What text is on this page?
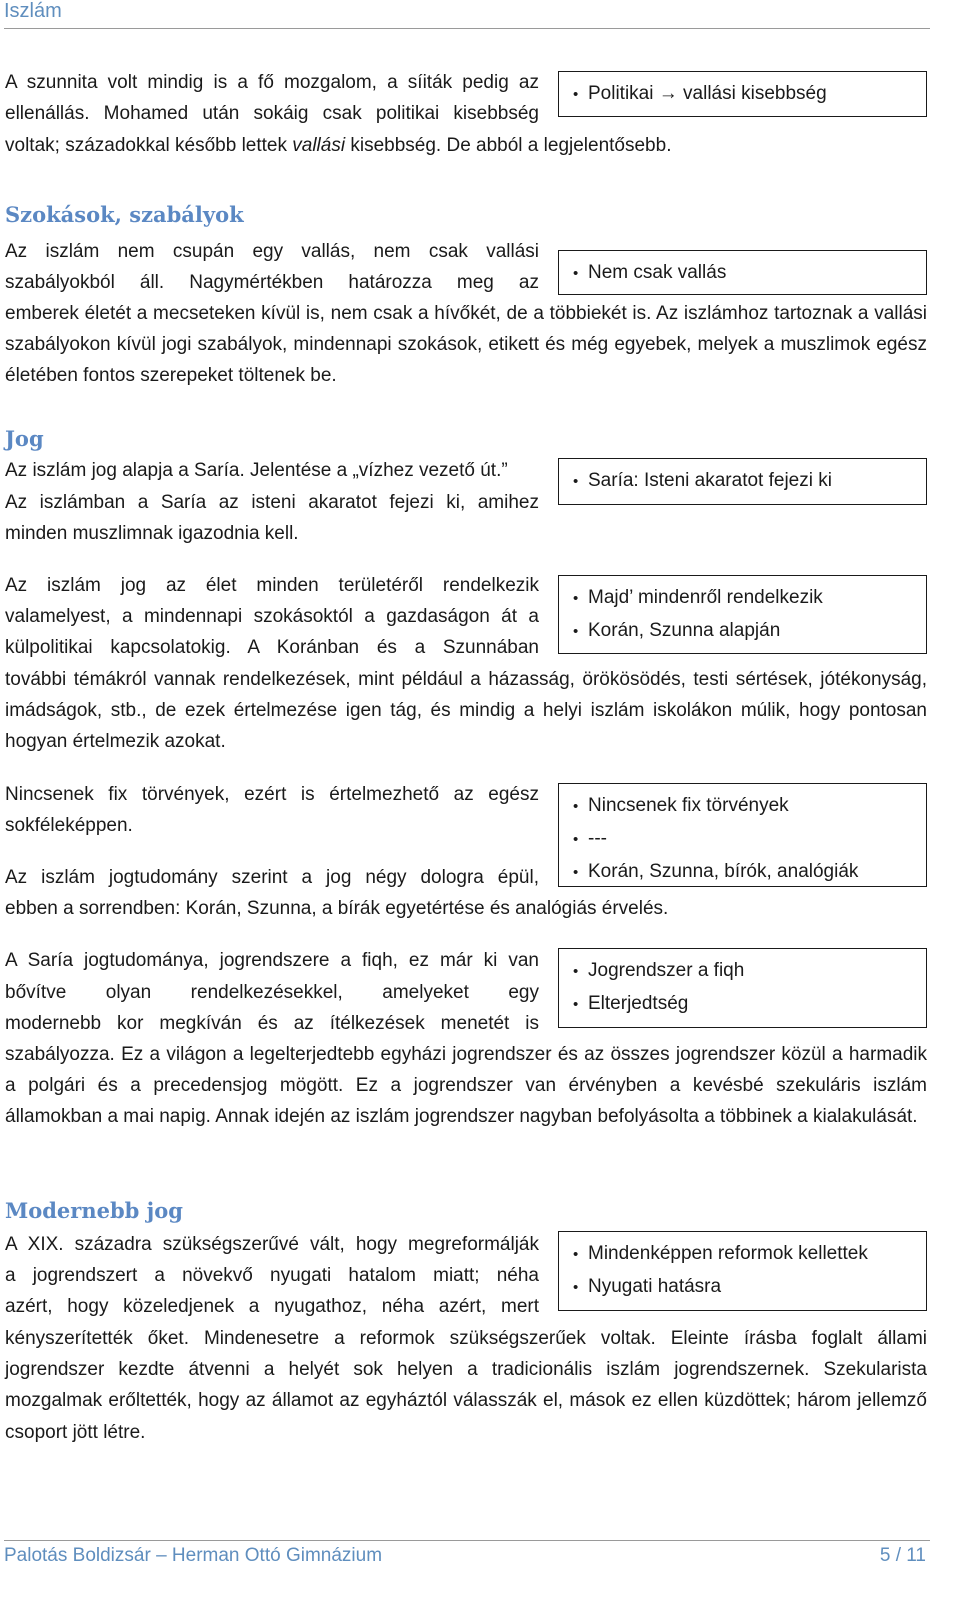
Iszlám
A szunnita volt mindig is a fő mozgalom, a síiták pedig az
ellenállás. Mohamed után sokáig csak politikai kisebbség
voltak; századokkal később lettek vallási kisebbség. De abból a legjelentősebb.
• Politikai → vallási kisebbség
Szokások, szabályok
Az iszlám nem csupán egy vallás, nem csak vallási
szabályokból áll. Nagymértékben határozza meg az
emberek életét a mecseteken kívül is, nem csak a hívőkét, de a többiekét is. Az iszlámhoz tartoznak a vallási szabályokon kívül jogi szabályok, mindennapi szokások, etikett és még egyebek, melyek a muszlimok egész életében fontos szerepeket töltenek be.
• Nem csak vallás
Jog
Az iszlám jog alapja a Saría. Jelentése a „vízhez vezető út.”
Az iszlámban a Saría az isteni akaratot fejezi ki, amihez
minden muszlimnak igazodnia kell.
• Saría: Isteni akaratot fejezi ki
Az iszlám jog az élet minden területéről rendelkezik
valamelyest, a mindennapi szokásoktól a gazdaságon át a
külpolitikai kapcsolatokig. A Koránban és a Szunnában
további témákról vannak rendelkezések, mint például a házasság, örökösödés, testi sértések, jótékonyság, imádságok, stb., de ezek értelmezése igen tág, és mindig a helyi iszlám iskolákon múlik, hogy pontosan hogyan értelmezik azokat.
• Majd’ mindenről rendelkezik
• Korán, Szunna alapján
Nincsenek fix törvények, ezért is értelmezhető az egész
sokféleképpen.
Az iszlám jogtudomány szerint a jog négy dologra épül,
ebben a sorrendben: Korán, Szunna, a bírák egyetértése és analógiás érvelés.
• Nincsenek fix törvények
• ---
• Korán, Szunna, bírók, analógiák
A Saría jogtudománya, jogrendszere a fiqh, ez már ki van
bővítve olyan rendelkezésekkel, amelyeket egy
modernebb kor megkíván és az ítélkezések menetét is
szabályozza. Ez a világon a legelterjedtebb egyházi jogrendszer és az összes jogrendszer közül a harmadik a polgári és a precedensjog mögött. Ez a jogrendszer van érvényben a kevésbé szekuláris iszlám államokban a mai napig. Annak idején az iszlám jogrendszer nagyban befolyásolta a többinek a kialakulását.
• Jogrendszer a fiqh
• Elterjedtség
Modernebb jog
A XIX. századra szükségszerűvé vált, hogy megreformálják
a jogrendszert a növekvő nyugati hatalom miatt; néha
azért, hogy közeledjenek a nyugathoz, néha azért, mert
kényszerítették őket. Mindenesetre a reformok szükségszerűek voltak. Eleinte írásba foglalt állami jogrendszer kezdte átvenni a helyét sok helyen a tradicionális iszlám jogrendszernek. Szekularista mozgalmak erőltették, hogy az államot az egyháztól válasszák el, mások ez ellen küzdöttek; három jellemző csoport jött létre.
• Mindenképpen reformok kellettek
• Nyugati hatásra
Palotás Boldizsár – Herman Ottó Gimnázium	5 / 11
